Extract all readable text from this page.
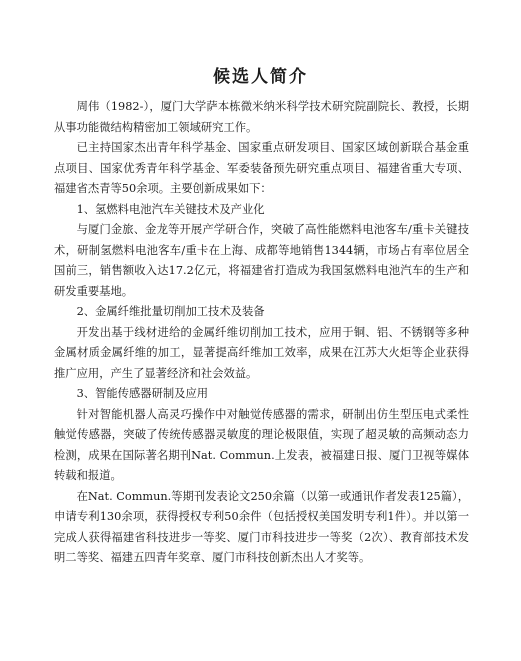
候选人简介

周伟（1982-），厦门大学萨本栋微米纳米科学技术研究院副院长、教授，长期从事功能微结构精密加工领域研究工作。

已主持国家杰出青年科学基金、国家重点研发项目、国家区域创新联合基金重点项目、国家优秀青年科学基金、军委装备预先研究重点项目、福建省重大专项、福建省杰青等50余项。主要创新成果如下：

1、氢燃料电池汽车关键技术及产业化

与厦门金旅、金龙等开展产学研合作，突破了高性能燃料电池客车/重卡关键技术，研制氢燃料电池客车/重卡在上海、成都等地销售1344辆，市场占有率位居全国前三，销售额收入达17.2亿元，将福建省打造成为我国氢燃料电池汽车的生产和研发重要基地。

2、金属纤维批量切削加工技术及装备

开发出基于线材进给的金属纤维切削加工技术，应用于铜、铝、不锈钢等多种金属材质金属纤维的加工，显著提高纤维加工效率，成果在江苏大火炬等企业获得推广应用，产生了显著经济和社会效益。

3、智能传感器研制及应用

针对智能机器人高灵巧操作中对触觉传感器的需求，研制出仿生型压电式柔性触觉传感器，突破了传统传感器灵敏度的理论极限值，实现了超灵敏的高频动态力检测，成果在国际著名期刊Nat. Commun.上发表，被福建日报、厦门卫视等媒体转载和报道。

在Nat. Commun.等期刊发表论文250余篇（以第一或通讯作者发表125篇），申请专利130余项，获得授权专利50余件（包括授权美国发明专利1件）。并以第一完成人获得福建省科技进步一等奖、厦门市科技进步一等奖（2次）、教育部技术发明二等奖、福建五四青年奖章、厦门市科技创新杰出人才奖等。
